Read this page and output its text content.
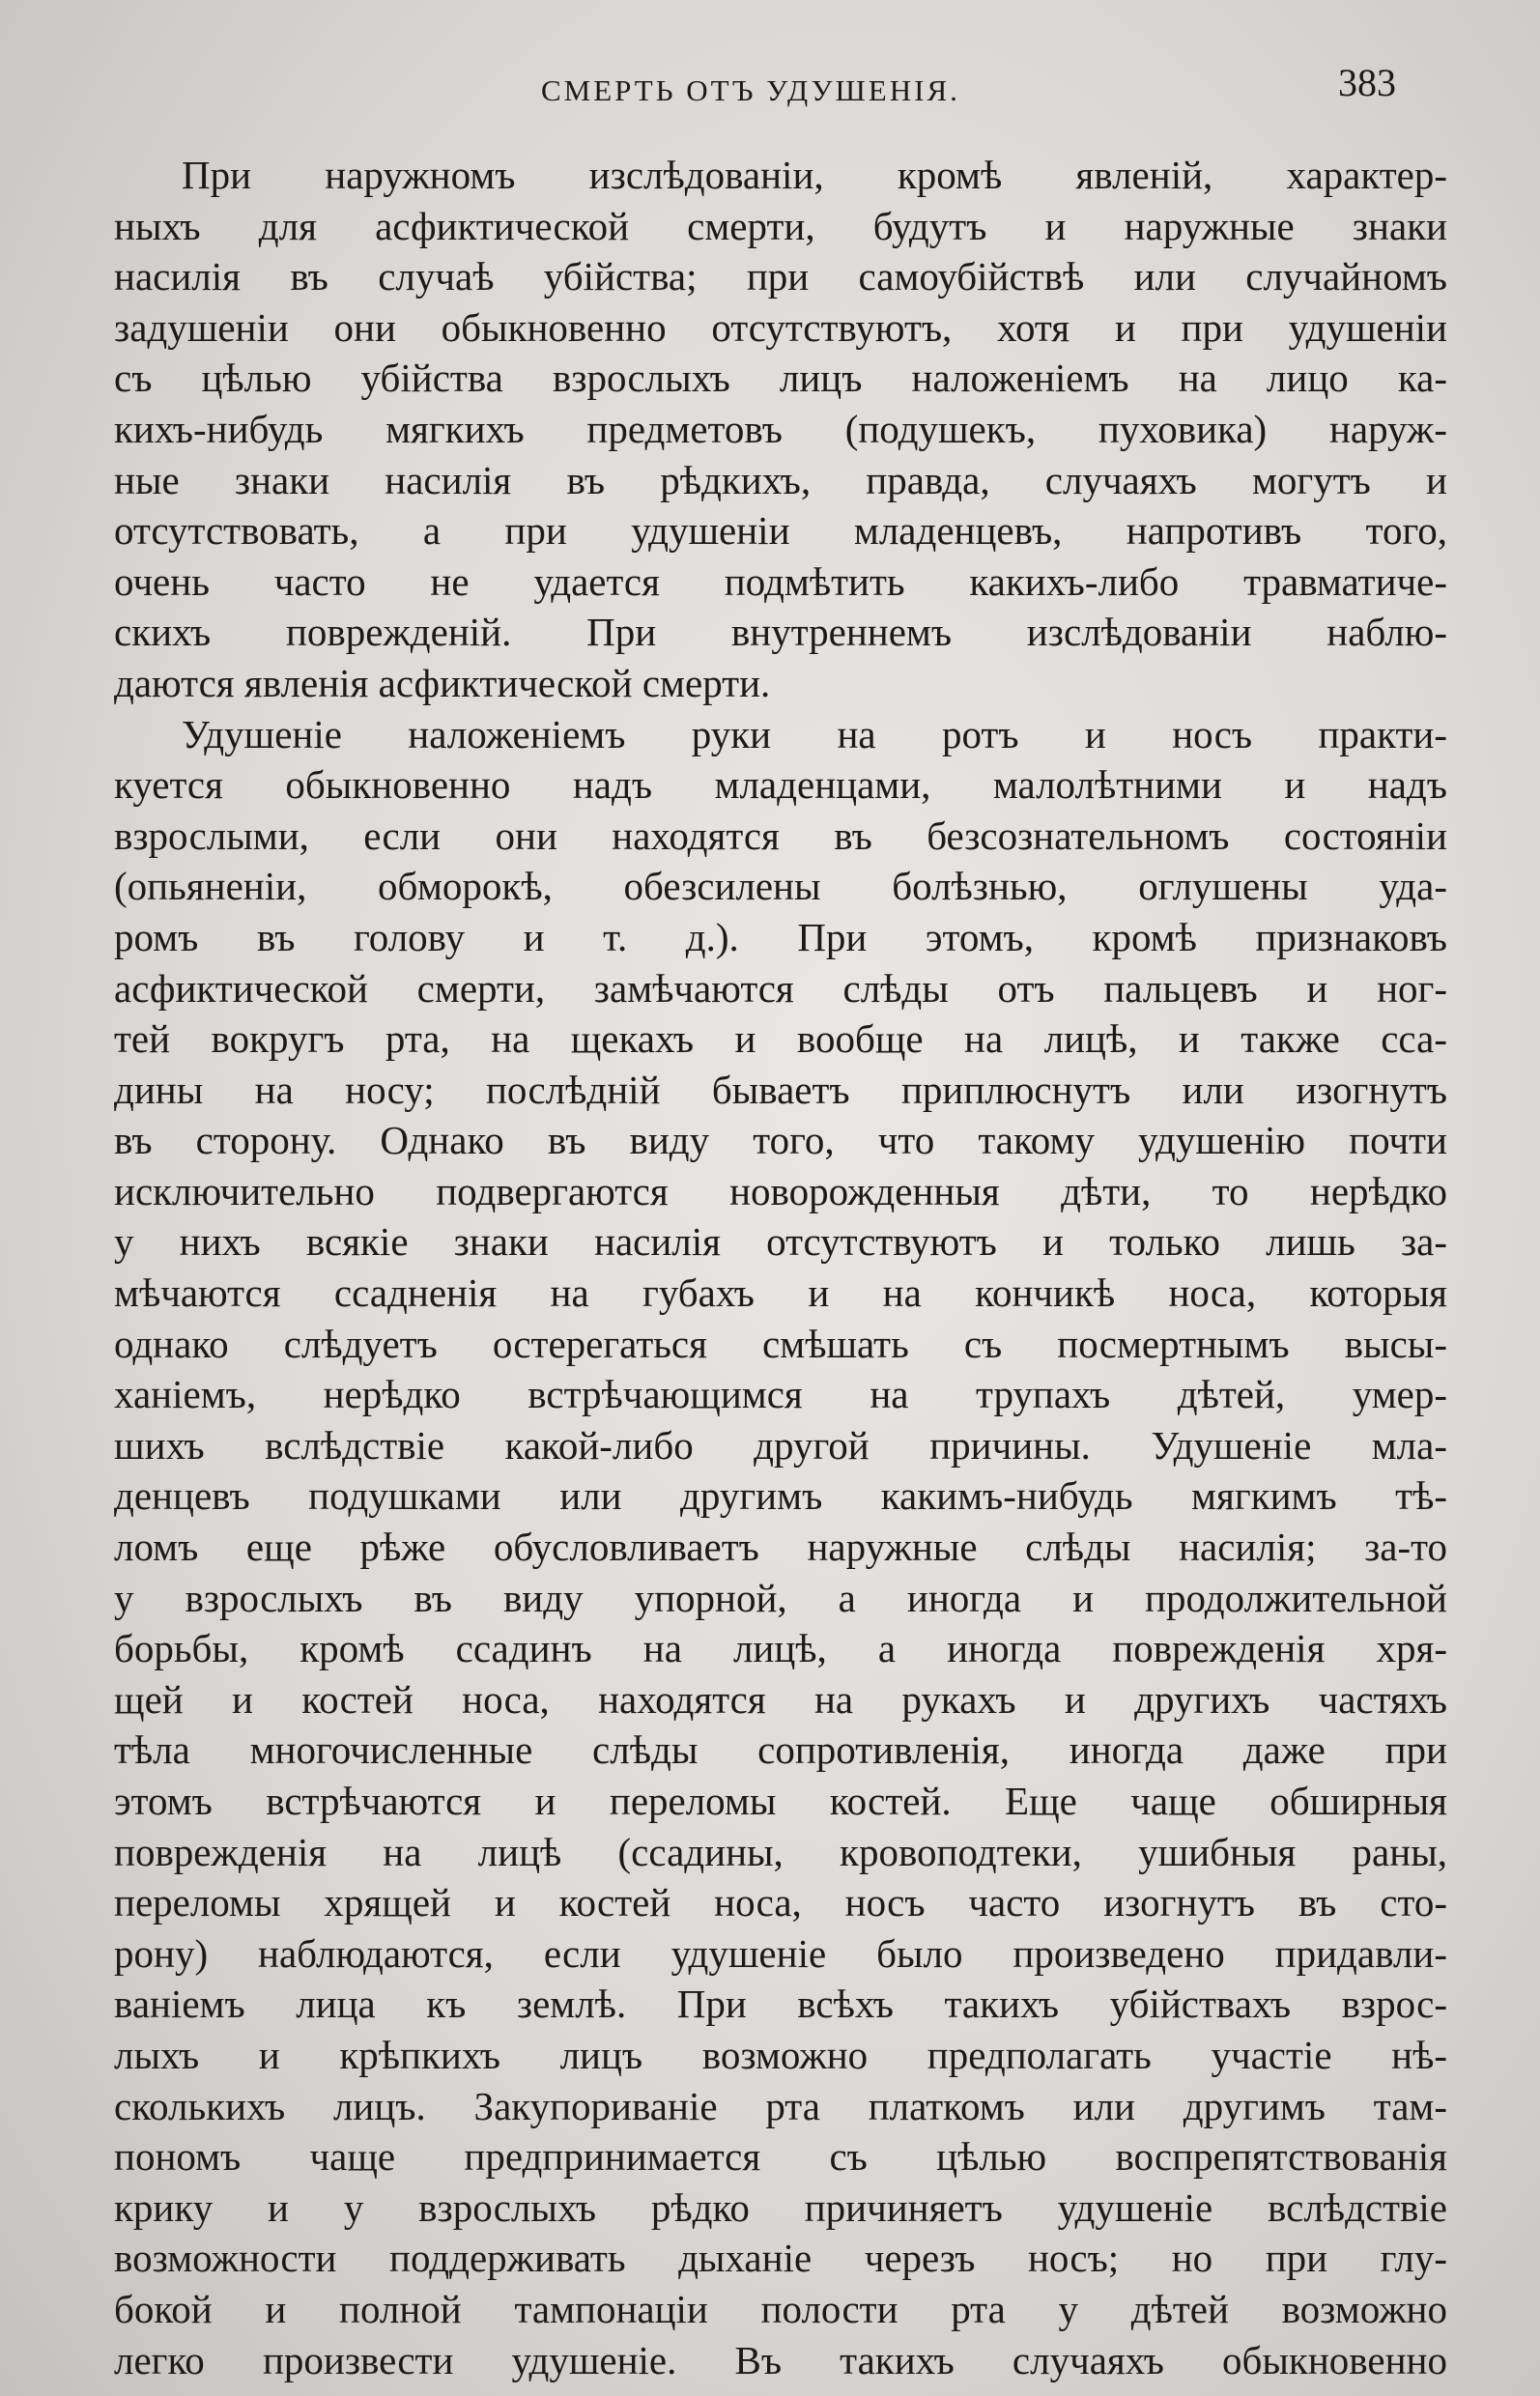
СМЕРТЬ ОТЪ УДУШЕНІЯ.	383
При наружномъ изслѣдованіи, кромѣ явленій, характер-
ныхъ для асфиктической смерти, будутъ и наружные знаки
насилія въ случаѣ убійства; при самоубійствѣ или случайномъ
задушеніи они обыкновенно отсутствуютъ, хотя и при удушеніи
съ цѣлью убійства взрослыхъ лицъ наложеніемъ на лицо ка-
кихъ-нибудь мягкихъ предметовъ (подушекъ, пуховика) наруж-
ные знаки насилія въ рѣдкихъ, правда, случаяхъ могутъ и
отсутствовать, а при удушеніи младенцевъ, напротивъ того,
очень часто не удается подмѣтить какихъ-либо травматиче-
скихъ поврежденій. При внутреннемъ изслѣдованіи наблю-
даются явленія асфиктической смерти.
Удушеніе наложеніемъ руки на ротъ и носъ практи-
куется обыкновенно надъ младенцами, малолѣтними и надъ
взрослыми, если они находятся въ безсознательномъ состояніи
(опьяненіи, обморокѣ, обезсилены болѣзнью, оглушены уда-
ромъ въ голову и т. д.). При этомъ, кромѣ признаковъ
асфиктической смерти, замѣчаются слѣды отъ пальцевъ и ног-
тей вокругъ рта, на щекахъ и вообще на лицѣ, и также сса-
дины на носу; послѣдній бываетъ приплюснутъ или изогнутъ
въ сторону. Однако въ виду того, что такому удушенію почти
исключительно подвергаются новорожденныя дѣти, то нерѣдко
у нихъ всякіе знаки насилія отсутствуютъ и только лишь за-
мѣчаются ссадненія на губахъ и на кончикѣ носа, которыя
однако слѣдуетъ остерегаться смѣшать съ посмертнымъ высы-
ханіемъ, нерѣдко встрѣчающимся на трупахъ дѣтей, умер-
шихъ вслѣдствіе какой-либо другой причины. Удушеніе мла-
денцевъ подушками или другимъ какимъ-нибудь мягкимъ тѣ-
ломъ еще рѣже обусловливаетъ наружные слѣды насилія; за-то
у взрослыхъ въ виду упорной, а иногда и продолжительной
борьбы, кромѣ ссадинъ на лицѣ, а иногда поврежденія хря-
щей и костей носа, находятся на рукахъ и другихъ частяхъ
тѣла многочисленные слѣды сопротивленія, иногда даже при
этомъ встрѣчаются и переломы костей. Еще чаще обширныя
поврежденія на лицѣ (ссадины, кровоподтеки, ушибныя раны,
переломы хрящей и костей носа, носъ часто изогнутъ въ сто-
рону) наблюдаются, если удушеніе было произведено придавли-
ваніемъ лица къ землѣ. При всѣхъ такихъ убійствахъ взрос-
лыхъ и крѣпкихъ лицъ возможно предполагать участіе нѣ-
сколькихъ лицъ. Закупориваніе рта платкомъ или другимъ там-
пономъ чаще предпринимается съ цѣлью воспрепятствованія
крику и у взрослыхъ рѣдко причиняетъ удушеніе вслѣдствіе
возможности поддерживать дыханіе черезъ носъ; но при глу-
бокой и полной тампонаціи полости рта у дѣтей возможно
легко произвести удушеніе. Въ такихъ случаяхъ обыкновенно
